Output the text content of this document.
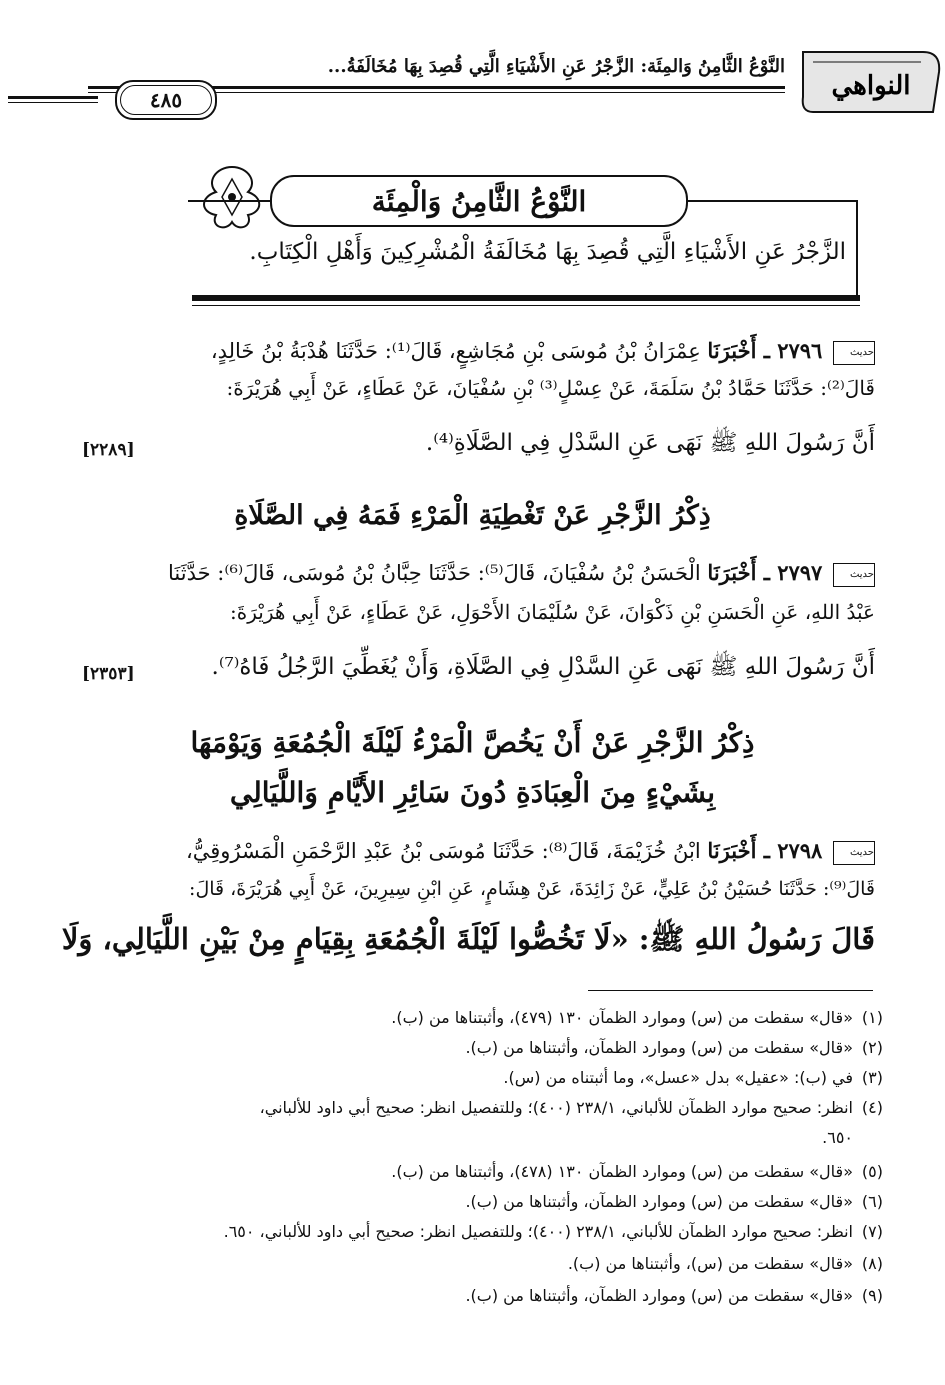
النواهي
النَّوْعُ الثَّامِنُ وَالمِئَة: الزَّجْرُ عَنِ الأَشْيَاءِ الَّتِي قُصِدَ بِهَا مُخَالَفَةُ...
٤٨٥
النَّوْعُ الثَّامِنُ وَالْمِئَة
الزَّجْرُ عَنِ الأَشْيَاءِ الَّتِي قُصِدَ بِهَا مُخَالَفَةُ الْمُشْرِكِينَ وَأَهْلِ الْكِتَابِ.
حديث ٢٧٩٦ ـ أَخْبَرَنَا عِمْرَانُ بْنُ مُوسَى بْنِ مُجَاشِعٍ، قَالَ⁽¹⁾: حَدَّثَنَا هُدْبَةُ بْنُ خَالِدٍ،
قَالَ⁽²⁾: حَدَّثَنَا حَمَّادُ بْنُ سَلَمَةَ، عَنْ عِسْلٍ⁽³⁾ بْنِ سُفْيَانَ، عَنْ عَطَاءٍ، عَنْ أَبِي هُرَيْرَةَ:
أَنَّ رَسُولَ اللهِ ﷺ نَهَى عَنِ السَّدْلِ فِي الصَّلَاةِ⁽⁴⁾.
[٢٢٨٩]
ذِكْرُ الزَّجْرِ عَنْ تَغْطِيَةِ الْمَرْءِ فَمَهُ فِي الصَّلَاةِ
حديث ٢٧٩٧ ـ أَخْبَرَنَا الْحَسَنُ بْنُ سُفْيَانَ، قَالَ⁽⁵⁾: حَدَّثَنَا حِبَّانُ بْنُ مُوسَى، قَالَ⁽⁶⁾: حَدَّثَنَا
عَبْدُ اللهِ، عَنِ الْحَسَنِ بْنِ ذَكْوَانَ، عَنْ سُلَيْمَانَ الأَحْوَلِ، عَنْ عَطَاءٍ، عَنْ أَبِي هُرَيْرَةَ:
أَنَّ رَسُولَ اللهِ ﷺ نَهَى عَنِ السَّدْلِ فِي الصَّلَاةِ، وَأَنْ يُغَطِّيَ الرَّجُلُ فَاهُ⁽⁷⁾.
[٢٣٥٣]
ذِكْرُ الزَّجْرِ عَنْ أَنْ يَخُصَّ الْمَرْءُ لَيْلَةَ الْجُمُعَةِ وَيَوْمَهَا
بِشَيْءٍ مِنَ الْعِبَادَةِ دُونَ سَائِرِ الأَيَّامِ وَاللَّيَالِي
حديث ٢٧٩٨ ـ أَخْبَرَنَا ابْنُ خُزَيْمَةَ، قَالَ⁽⁸⁾: حَدَّثَنَا مُوسَى بْنُ عَبْدِ الرَّحْمَنِ الْمَسْرُوقِيُّ،
قَالَ⁽⁹⁾: حَدَّثَنَا حُسَيْنُ بْنُ عَلِيٍّ، عَنْ زَائِدَةَ، عَنْ هِشَامٍ، عَنِ ابْنِ سِيرِينَ، عَنْ أَبِي هُرَيْرَةَ، قَالَ:
قَالَ رَسُولُ اللهِ ﷺ: «لَا تَخُصُّوا لَيْلَةَ الْجُمُعَةِ بِقِيَامٍ مِنْ بَيْنِ اللَّيَالِي، وَلَا
(١)«قال» سقطت من (س) وموارد الظمآن ١٣٠ (٤٧٩)، وأثبتناها من (ب).
(٢)«قال» سقطت من (س) وموارد الظمآن، وأثبتناها من (ب).
(٣)في (ب): «عقيل» بدل «عسل»، وما أثبتناه من (س).
(٤)انظر: صحيح موارد الظمآن للألباني، ٢٣٨/١ (٤٠٠)؛ وللتفصيل انظر: صحيح أبي داود للألباني،
٦٥٠.
(٥)«قال» سقطت من (س) وموارد الظمآن ١٣٠ (٤٧٨)، وأثبتناها من (ب).
(٦)«قال» سقطت من (س) وموارد الظمآن، وأثبتناها من (ب).
(٧)انظر: صحيح موارد الظمآن للألباني، ٢٣٨/١ (٤٠٠)؛ وللتفصيل انظر: صحيح أبي داود للألباني، ٦٥٠.
(٨)«قال» سقطت من (س)، وأثبتناها من (ب).
(٩)«قال» سقطت من (س) وموارد الظمآن، وأثبتناها من (ب).
